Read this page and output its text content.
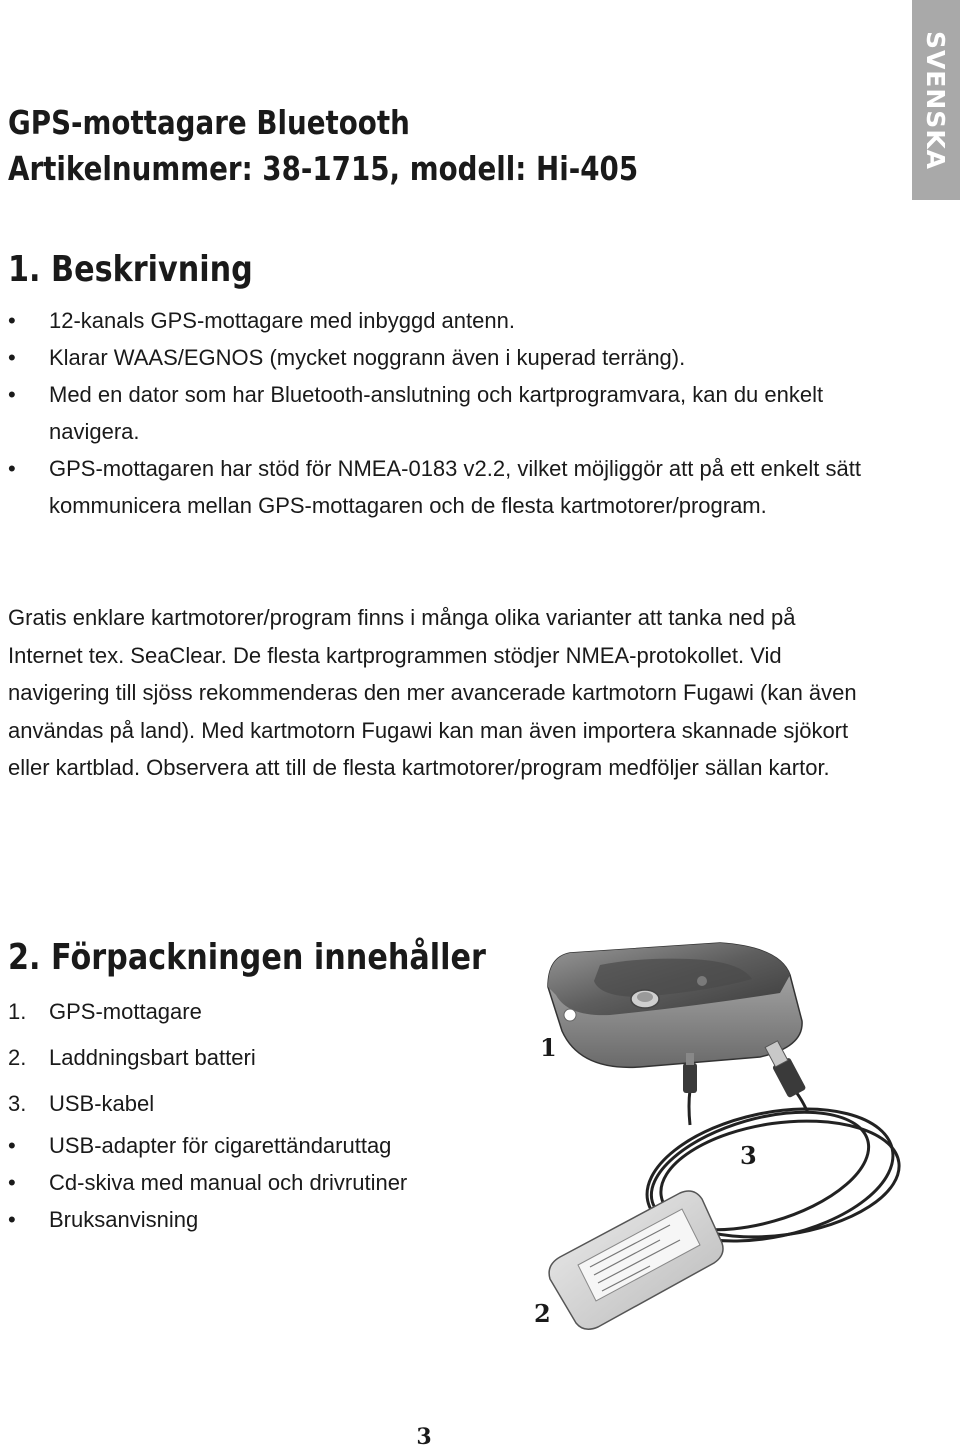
SVENSKA
GPS-mottagare Bluetooth
Artikelnummer: 38-1715, modell: Hi-405
1. Beskrivning
• 12-kanals GPS-mottagare med inbyggd antenn.
• Klarar WAAS/EGNOS (mycket noggrann även i kuperad terräng).
• Med en dator som har Bluetooth-anslutning och kartprogramvara, kan du enkelt navigera.
• GPS-mottagaren har stöd för NMEA-0183 v2.2, vilket möjliggör att på ett enkelt sätt kommunicera mellan GPS-mottagaren och de flesta kartmotorer/program.

Gratis enklare kartmotorer/program finns i många olika varianter att tanka ned på Internet tex. SeaClear. De flesta kartprogrammen stödjer NMEA-protokollet. Vid navigering till sjöss rekommenderas den mer avancerade kartmotorn Fugawi (kan även användas på land). Med kartmotorn Fugawi kan man även importera skannade sjökort eller kartblad. Observera att till de flesta kartmotorer/program medföljer sällan kartor.

2. Förpackningen innehåller
1. GPS-mottagare
2. Laddningsbart batteri
3. USB-kabel
• USB-adapter för cigarettändaruttag
• Cd-skiva med manual och drivrutiner
• Bruksanvisning
1
3
2
3
